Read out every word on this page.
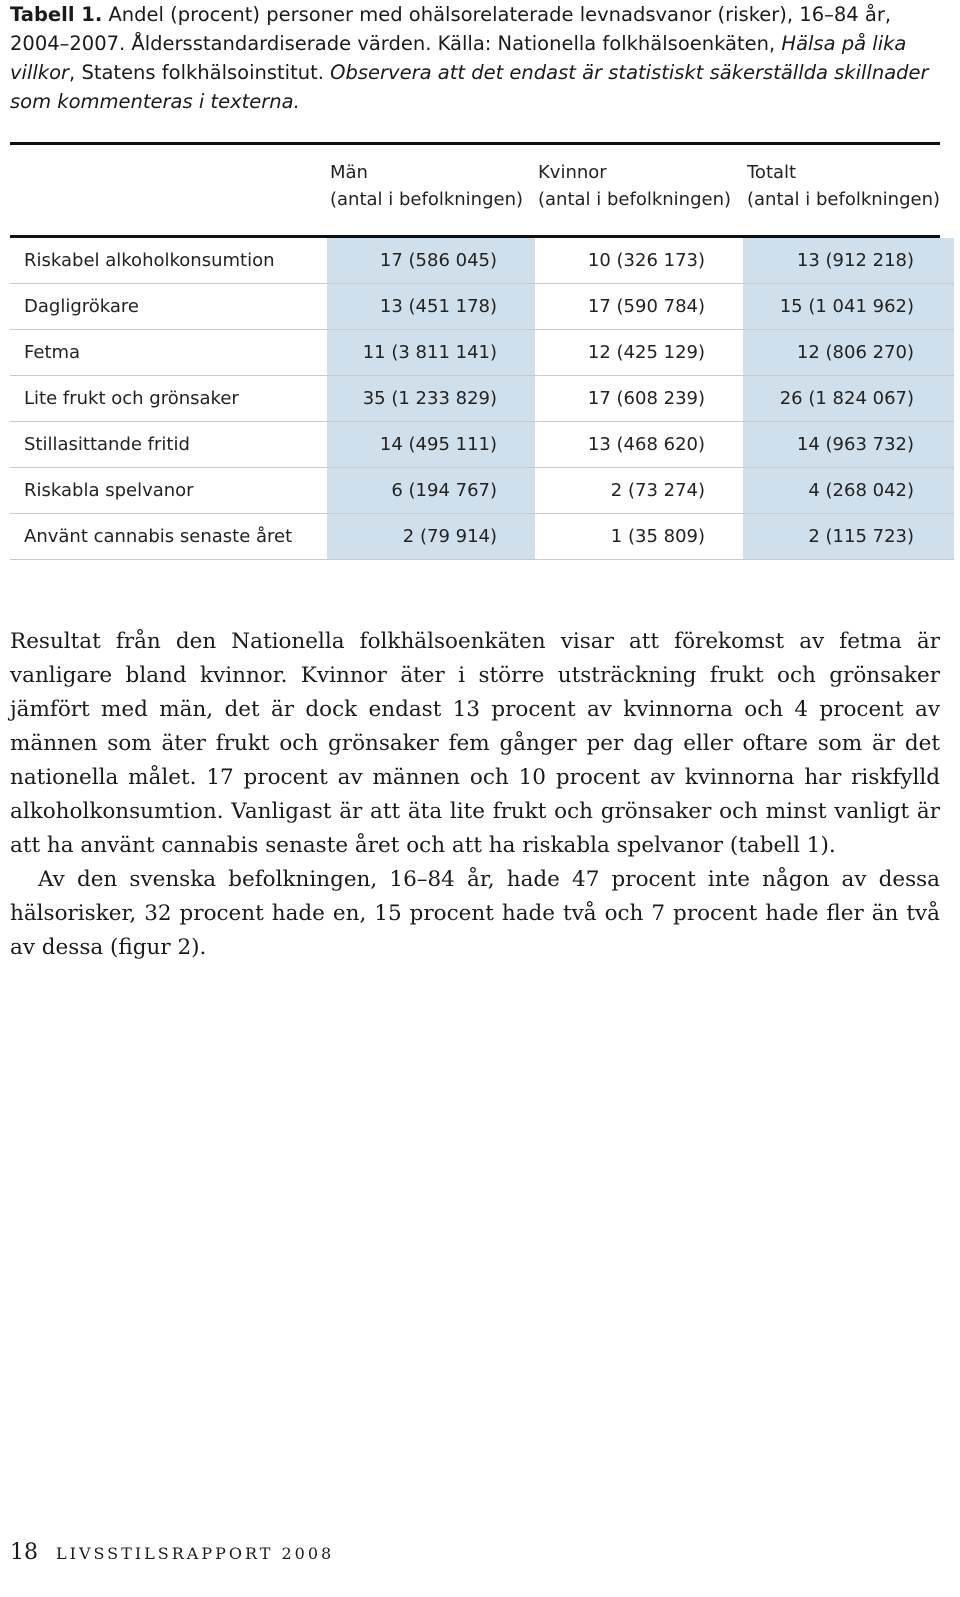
Tabell 1. Andel (procent) personer med ohälsorelaterade levnadsvanor (risker), 16–84 år, 2004–2007. Åldersstandardiserade värden. Källa: Nationella folkhälsoenkäten, Hälsa på lika villkor, Statens folkhälsoinstitut. Observera att det endast är statistiskt säkerställda skillnader som kommenteras i texterna.
Män
(antal i befolkningen)
Kvinnor
(antal i befolkningen)
Totalt
(antal i befolkningen)
Riskabel alkoholkonsumtion	17 (586 045)	10 (326 173)	13 (912 218)
Dagligrökare	13 (451 178)	17 (590 784)	15 (1 041 962)
Fetma	11 (3 811 141)	12 (425 129)	12 (806 270)
Lite frukt och grönsaker	35 (1 233 829)	17 (608 239)	26 (1 824 067)
Stillasittande fritid	14 (495 111)	13 (468 620)	14 (963 732)
Riskabla spelvanor	6 (194 767)	2 (73 274)	4 (268 042)
Använt cannabis senaste året	2 (79 914)	1 (35 809)	2 (115 723)

Resultat från den Nationella folkhälsoenkäten visar att förekomst av fetma är vanligare bland kvinnor. Kvinnor äter i större utsträckning frukt och grönsaker jämfört med män, det är dock endast 13 procent av kvinnorna och 4 procent av männen som äter frukt och grönsaker fem gånger per dag eller oftare som är det nationella målet. 17 procent av männen och 10 procent av kvinnorna har riskfylld alkoholkonsumtion. Vanligast är att äta lite frukt och grönsaker och minst vanligt är att ha använt cannabis senaste året och att ha riskabla spelvanor (tabell 1).

Av den svenska befolkningen, 16–84 år, hade 47 procent inte någon av dessa hälsorisker, 32 procent hade en, 15 procent hade två och 7 procent hade fler än två av dessa (figur 2).

18 LIVSSTILSRAPPORT 2008
